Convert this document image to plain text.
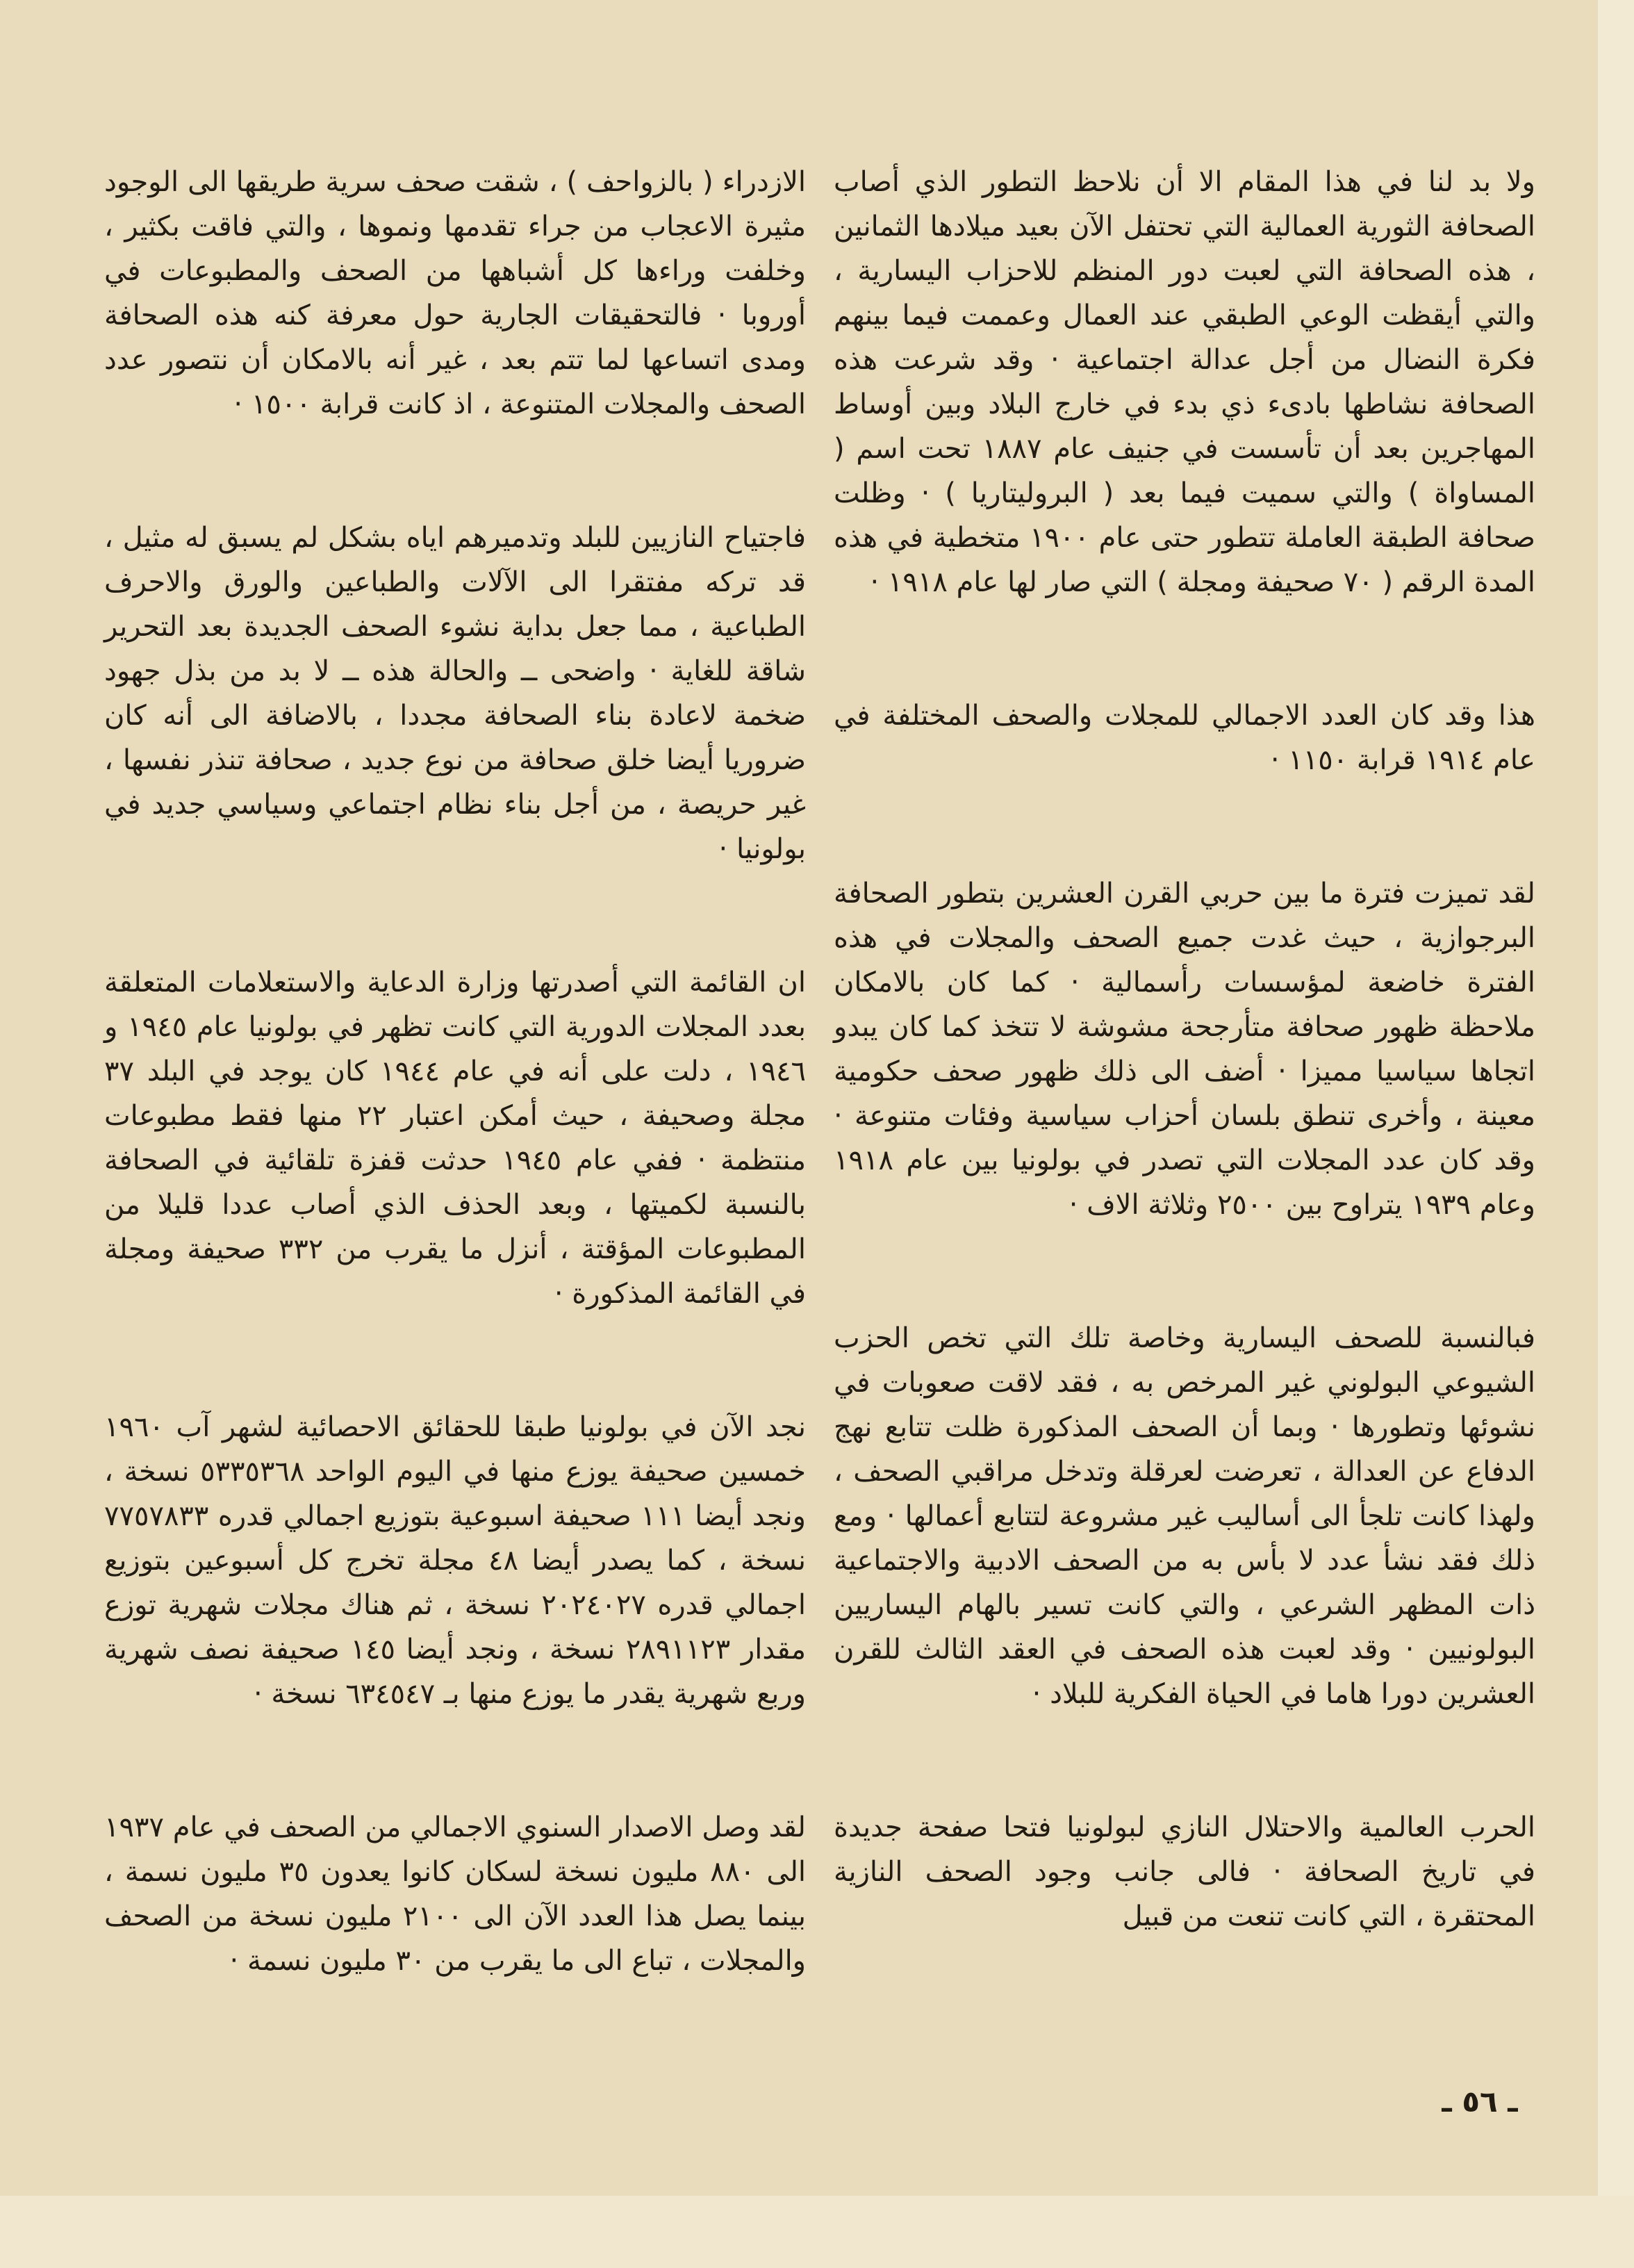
ولا بد لنا في هذا المقام الا أن نلاحظ التطور الذي أصاب الصحافة الثورية العمالية التي تحتفل الآن بعيد ميلادها الثمانين ، هذه الصحافة التي لعبت دور المنظم للاحزاب اليسارية ، والتي أيقظت الوعي الطبقي عند العمال وعممت فيما بينهم فكرة النضال من أجل عدالة اجتماعية · وقد شرعت هذه الصحافة نشاطها بادىء ذي بدء في خارج البلاد وبين أوساط المهاجرين بعد أن تأسست في جنيف عام ١٨٨٧ تحت اسم ( المساواة ) والتي سميت فيما بعد ( البروليتاريا ) · وظلت صحافة الطبقة العاملة تتطور حتى عام ١٩٠٠ متخطية في هذه المدة الرقم ( ٧٠ صحيفة ومجلة ) التي صار لها عام ١٩١٨ ·

هذا وقد كان العدد الاجمالي للمجلات والصحف المختلفة في عام ١٩١٤ قرابة ١١٥٠ ·

لقد تميزت فترة ما بين حربي القرن العشرين بتطور الصحافة البرجوازية ، حيث غدت جميع الصحف والمجلات في هذه الفترة خاضعة لمؤسسات رأسمالية · كما كان بالامكان ملاحظة ظهور صحافة متأرجحة مشوشة لا تتخذ كما كان يبدو اتجاها سياسيا مميزا · أضف الى ذلك ظهور صحف حكومية معينة ، وأخرى تنطق بلسان أحزاب سياسية وفئات متنوعة · وقد كان عدد المجلات التي تصدر في بولونيا بين عام ١٩١٨ وعام ١٩٣٩ يتراوح بين ٢٥٠٠ وثلاثة الاف ·

فبالنسبة للصحف اليسارية وخاصة تلك التي تخص الحزب الشيوعي البولوني غير المرخص به ، فقد لاقت صعوبات في نشوئها وتطورها · وبما أن الصحف المذكورة ظلت تتابع نهج الدفاع عن العدالة ، تعرضت لعرقلة وتدخل مراقبي الصحف ، ولهذا كانت تلجأ الى أساليب غير مشروعة لتتابع أعمالها · ومع ذلك فقد نشأ عدد لا بأس به من الصحف الادبية والاجتماعية ذات المظهر الشرعي ، والتي كانت تسير بالهام اليساريين البولونيين · وقد لعبت هذه الصحف في العقد الثالث للقرن العشرين دورا هاما في الحياة الفكرية للبلاد ·

الحرب العالمية والاحتلال النازي لبولونيا فتحا صفحة جديدة في تاريخ الصحافة · فالى جانب وجود الصحف النازية المحتقرة ، التي كانت تنعت من قبيل

الازدراء ( بالزواحف ) ، شقت صحف سرية طريقها الى الوجود مثيرة الاعجاب من جراء تقدمها ونموها ، والتي فاقت بكثير ، وخلفت وراءها كل أشباهها من الصحف والمطبوعات في أوروبا · فالتحقيقات الجارية حول معرفة كنه هذه الصحافة ومدى اتساعها لما تتم بعد ، غير أنه بالامكان أن نتصور عدد الصحف والمجلات المتنوعة ، اذ كانت قرابة ١٥٠٠ ·

فاجتياح النازيين للبلد وتدميرهم اياه بشكل لم يسبق له مثيل ، قد تركه مفتقرا الى الآلات والطباعين والورق والاحرف الطباعية ، مما جعل بداية نشوء الصحف الجديدة بعد التحرير شاقة للغاية · واضحى ــ والحالة هذه ــ لا بد من بذل جهود ضخمة لاعادة بناء الصحافة مجددا ، بالاضافة الى أنه كان ضروريا أيضا خلق صحافة من نوع جديد ، صحافة تنذر نفسها ، غير حريصة ، من أجل بناء نظام اجتماعي وسياسي جديد في بولونيا ·

ان القائمة التي أصدرتها وزارة الدعاية والاستعلامات المتعلقة بعدد المجلات الدورية التي كانت تظهر في بولونيا عام ١٩٤٥ و ١٩٤٦ ، دلت على أنه في عام ١٩٤٤ كان يوجد في البلد ٣٧ مجلة وصحيفة ، حيث أمكن اعتبار ٢٢ منها فقط مطبوعات منتظمة · ففي عام ١٩٤٥ حدثت قفزة تلقائية في الصحافة بالنسبة لكميتها ، وبعد الحذف الذي أصاب عددا قليلا من المطبوعات المؤقتة ، أنزل ما يقرب من ٣٣٢ صحيفة ومجلة في القائمة المذكورة ·

نجد الآن في بولونيا طبقا للحقائق الاحصائية لشهر آب ١٩٦٠ خمسين صحيفة يوزع منها في اليوم الواحد ٥٣٣٥٣٦٨ نسخة ، ونجد أيضا ١١١ صحيفة اسبوعية بتوزيع اجمالي قدره ٧٧٥٧٨٣٣ نسخة ، كما يصدر أيضا ٤٨ مجلة تخرج كل أسبوعين بتوزيع اجمالي قدره ٢٠٢٤٠٢٧ نسخة ، ثم هناك مجلات شهرية توزع مقدار ٢٨٩١١٢٣ نسخة ، ونجد أيضا ١٤٥ صحيفة نصف شهرية وربع شهرية يقدر ما يوزع منها بـ ٦٣٤٥٤٧ نسخة ·

لقد وصل الاصدار السنوي الاجمالي من الصحف في عام ١٩٣٧ الى ٨٨٠ مليون نسخة لسكان كانوا يعدون ٣٥ مليون نسمة ، بينما يصل هذا العدد الآن الى ٢١٠٠ مليون نسخة من الصحف والمجلات ، تباع الى ما يقرب من ٣٠ مليون نسمة ·

ـ ٥٦ ـ
